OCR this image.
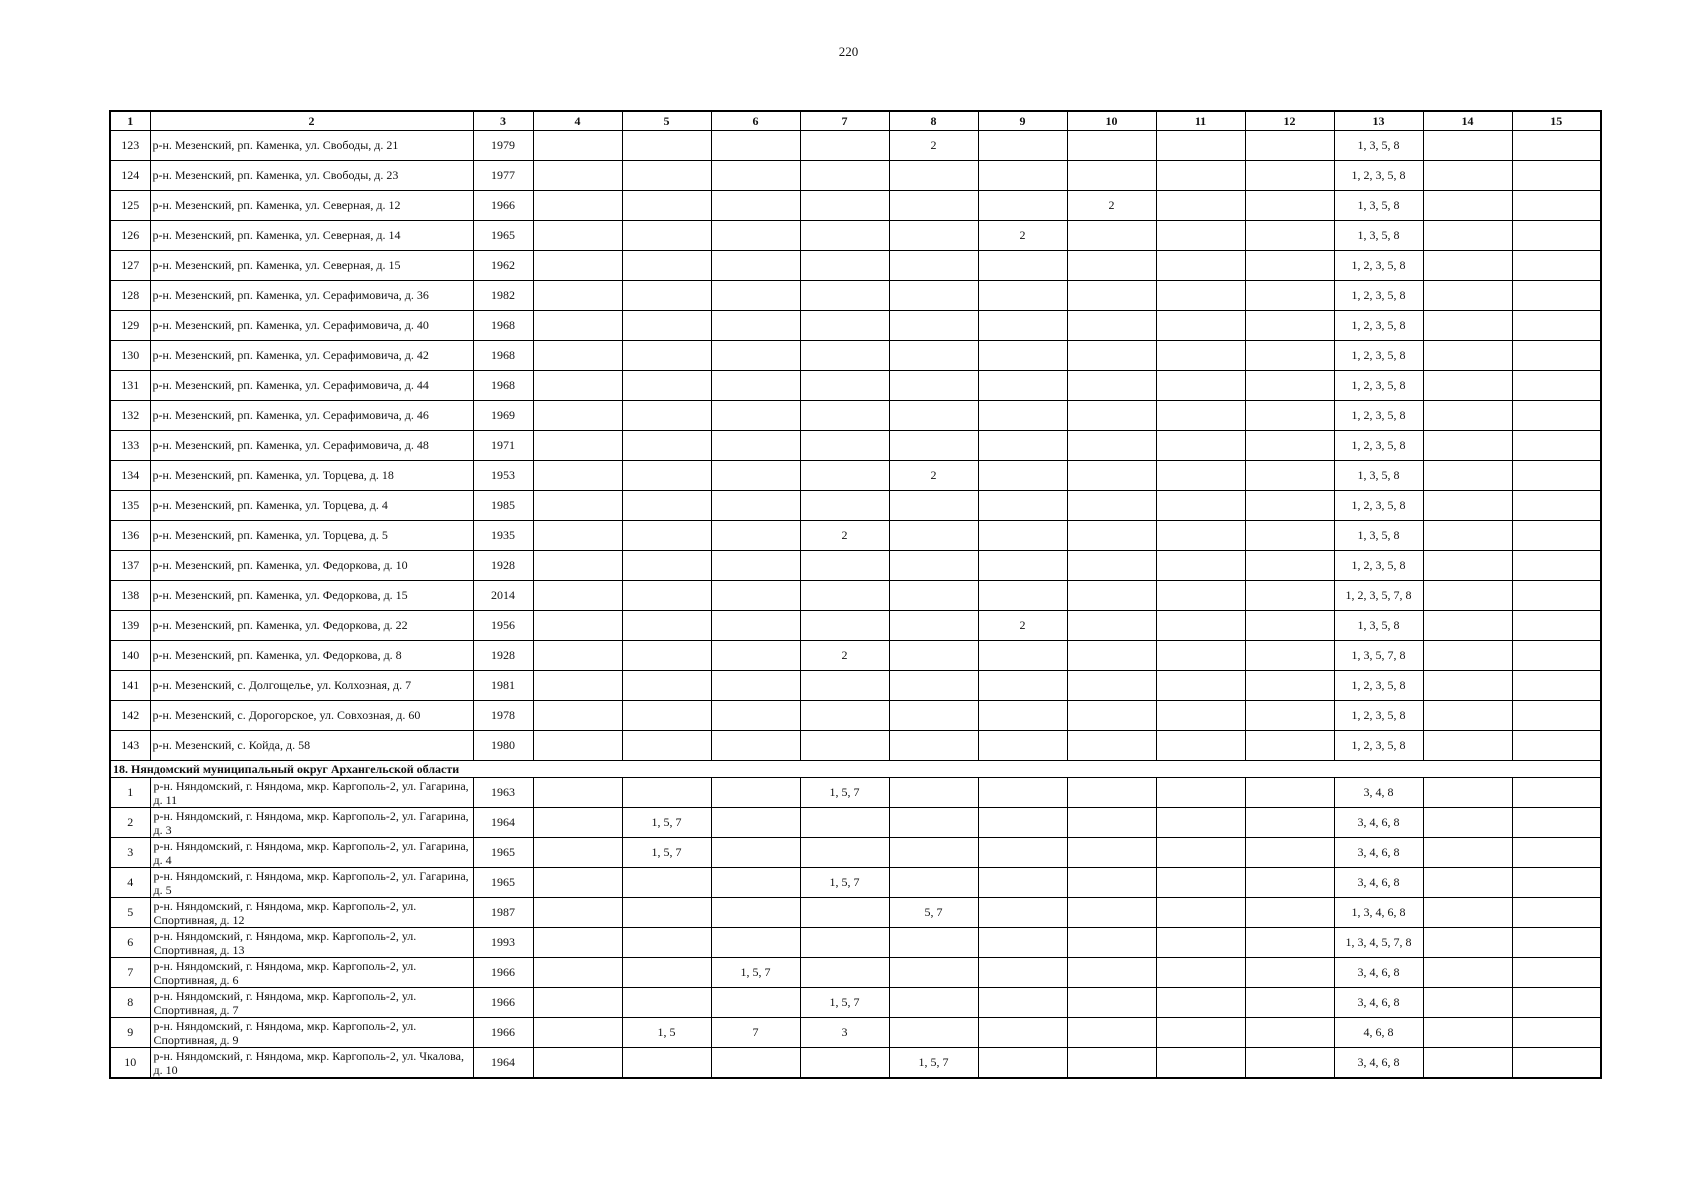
220
1	2	3	4	5	6	7	8	9	10	11	12	13	14	15
123	р-н. Мезенский, рп. Каменка, ул. Свободы, д. 21	1979					2					1, 3, 5, 8		
124	р-н. Мезенский, рп. Каменка, ул. Свободы, д. 23	1977										1, 2, 3, 5, 8		
125	р-н. Мезенский, рп. Каменка, ул. Северная, д. 12	1966							2			1, 3, 5, 8		
126	р-н. Мезенский, рп. Каменка, ул. Северная, д. 14	1965						2				1, 3, 5, 8		
127	р-н. Мезенский, рп. Каменка, ул. Северная, д. 15	1962										1, 2, 3, 5, 8		
128	р-н. Мезенский, рп. Каменка, ул. Серафимовича, д. 36	1982										1, 2, 3, 5, 8		
129	р-н. Мезенский, рп. Каменка, ул. Серафимовича, д. 40	1968										1, 2, 3, 5, 8		
130	р-н. Мезенский, рп. Каменка, ул. Серафимовича, д. 42	1968										1, 2, 3, 5, 8		
131	р-н. Мезенский, рп. Каменка, ул. Серафимовича, д. 44	1968										1, 2, 3, 5, 8		
132	р-н. Мезенский, рп. Каменка, ул. Серафимовича, д. 46	1969										1, 2, 3, 5, 8		
133	р-н. Мезенский, рп. Каменка, ул. Серафимовича, д. 48	1971										1, 2, 3, 5, 8		
134	р-н. Мезенский, рп. Каменка, ул. Торцева, д. 18	1953					2					1, 3, 5, 8		
135	р-н. Мезенский, рп. Каменка, ул. Торцева, д. 4	1985										1, 2, 3, 5, 8		
136	р-н. Мезенский, рп. Каменка, ул. Торцева, д. 5	1935				2						1, 3, 5, 8		
137	р-н. Мезенский, рп. Каменка, ул. Федоркова, д. 10	1928										1, 2, 3, 5, 8		
138	р-н. Мезенский, рп. Каменка, ул. Федоркова, д. 15	2014										1, 2, 3, 5, 7, 8		
139	р-н. Мезенский, рп. Каменка, ул. Федоркова, д. 22	1956						2				1, 3, 5, 8		
140	р-н. Мезенский, рп. Каменка, ул. Федоркова, д. 8	1928				2						1, 3, 5, 7, 8		
141	р-н. Мезенский, с. Долгощелье, ул. Колхозная, д. 7	1981										1, 2, 3, 5, 8		
142	р-н. Мезенский, с. Дорогорское, ул. Совхозная, д. 60	1978										1, 2, 3, 5, 8		
143	р-н. Мезенский, с. Койда, д. 58	1980										1, 2, 3, 5, 8		
18. Няндомский муниципальный округ Архангельской области														
1	р-н. Няндомский, г. Няндома, мкр. Каргополь-2, ул. Гагарина, д. 11	1963				1, 5, 7						3, 4, 8		
2	р-н. Няндомский, г. Няндома, мкр. Каргополь-2, ул. Гагарина, д. 3	1964		1, 5, 7								3, 4, 6, 8		
3	р-н. Няндомский, г. Няндома, мкр. Каргополь-2, ул. Гагарина, д. 4	1965		1, 5, 7								3, 4, 6, 8		
4	р-н. Няндомский, г. Няндома, мкр. Каргополь-2, ул. Гагарина, д. 5	1965				1, 5, 7						3, 4, 6, 8		
5	р-н. Няндомский, г. Няндома, мкр. Каргополь-2, ул. Спортивная, д. 12	1987					5, 7					1, 3, 4, 6, 8		
6	р-н. Няндомский, г. Няндома, мкр. Каргополь-2, ул. Спортивная, д. 13	1993										1, 3, 4, 5, 7, 8		
7	р-н. Няндомский, г. Няндома, мкр. Каргополь-2, ул. Спортивная, д. 6	1966			1, 5, 7							3, 4, 6, 8		
8	р-н. Няндомский, г. Няндома, мкр. Каргополь-2, ул. Спортивная, д. 7	1966				1, 5, 7						3, 4, 6, 8		
9	р-н. Няндомский, г. Няндома, мкр. Каргополь-2, ул. Спортивная, д. 9	1966		1, 5	7	3						4, 6, 8		
10	р-н. Няндомский, г. Няндома, мкр. Каргополь-2, ул. Чкалова, д. 10	1964					1, 5, 7					3, 4, 6, 8		
